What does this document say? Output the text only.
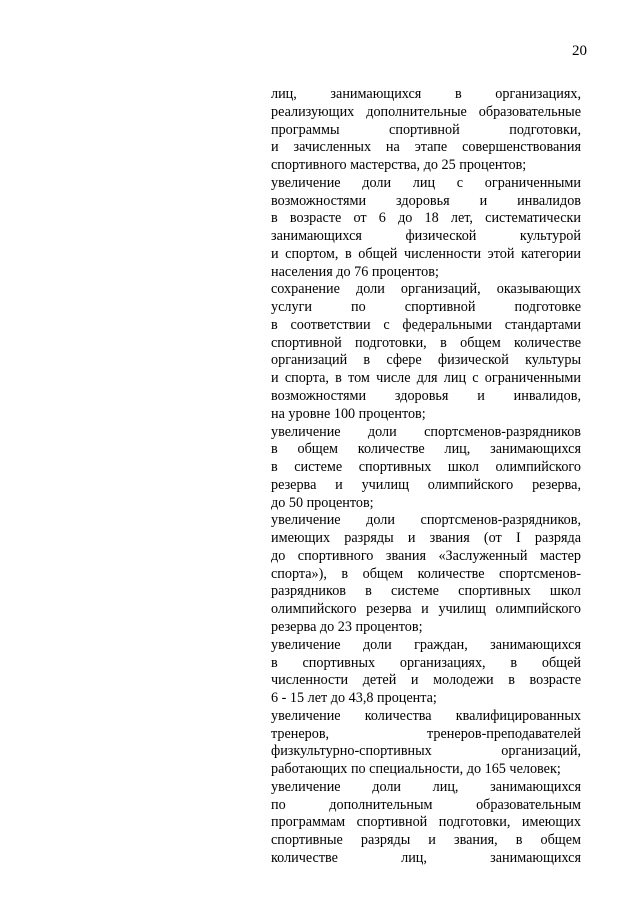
20
лиц, занимающихся в организациях,
реализующих дополнительные образовательные
программы спортивной подготовки,
и зачисленных на этапе совершенствования
спортивного мастерства, до 25 процентов;
увеличение доли лиц с ограниченными
возможностями здоровья и инвалидов
в возрасте от 6 до 18 лет, систематически
занимающихся физической культурой
и спортом, в общей численности этой категории
населения до 76 процентов;
сохранение доли организаций, оказывающих
услуги по спортивной подготовке
в соответствии с федеральными стандартами
спортивной подготовки, в общем количестве
организаций в сфере физической культуры
и спорта, в том числе для лиц с ограниченными
возможностями здоровья и инвалидов,
на уровне 100 процентов;
увеличение доли спортсменов-разрядников
в общем количестве лиц, занимающихся
в системе спортивных школ олимпийского
резерва и училищ олимпийского резерва,
до 50 процентов;
увеличение доли спортсменов-разрядников,
имеющих разряды и звания (от I разряда
до спортивного звания «Заслуженный мастер
спорта»), в общем количестве спортсменов-
разрядников в системе спортивных школ
олимпийского резерва и училищ олимпийского
резерва до 23 процентов;
увеличение доли граждан, занимающихся
в спортивных организациях, в общей
численности детей и молодежи в возрасте
6 - 15 лет до 43,8 процента;
увеличение количества квалифицированных
тренеров, тренеров-преподавателей
физкультурно-спортивных организаций,
работающих по специальности, до 165 человек;
увеличение доли лиц, занимающихся
по дополнительным образовательным
программам спортивной подготовки, имеющих
спортивные разряды и звания, в общем
количестве лиц, занимающихся
